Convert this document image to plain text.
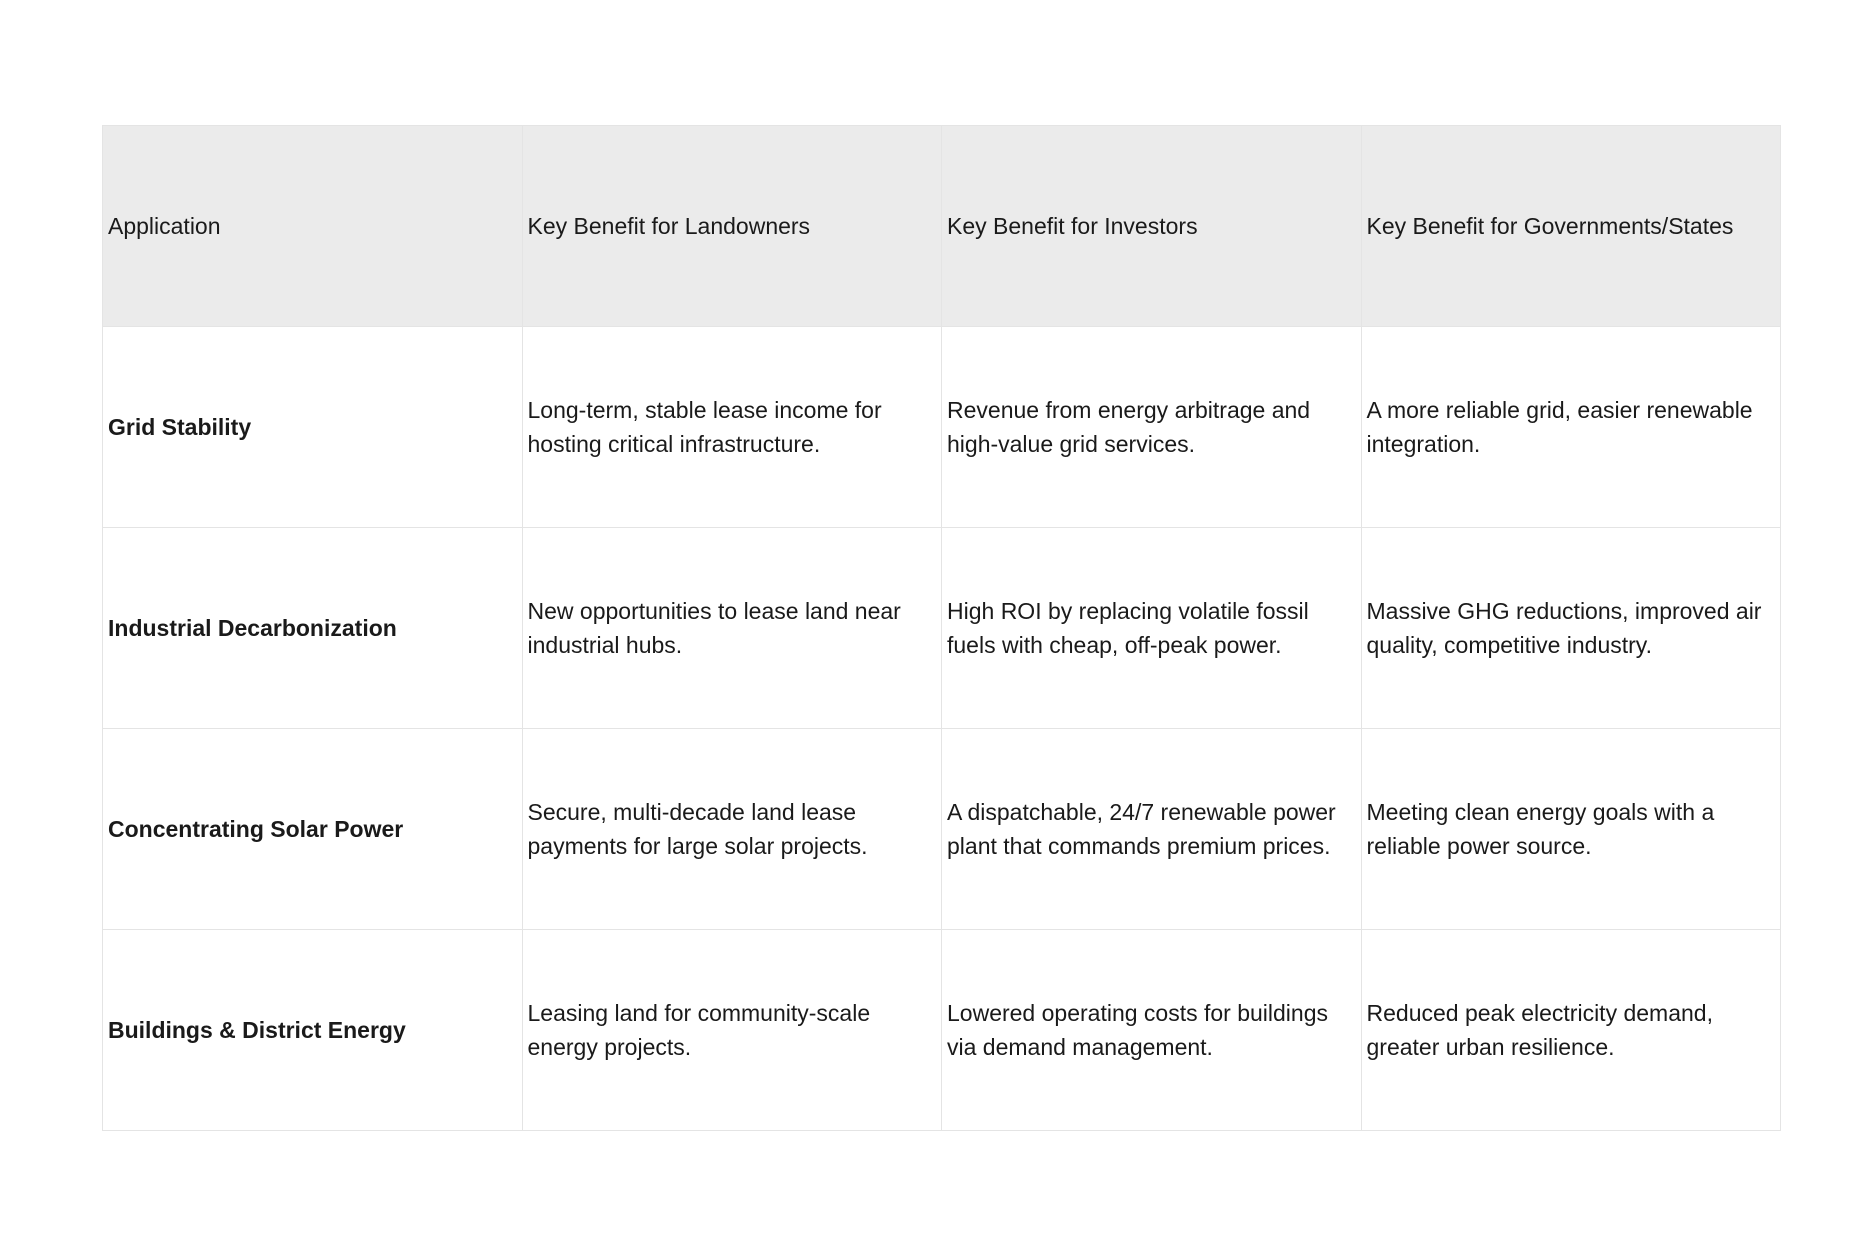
Application	Key Benefit for Landowners	Key Benefit for Investors	Key Benefit for Governments/States
Grid Stability	Long-term, stable lease income for hosting critical infrastructure.	Revenue from energy arbitrage and high-value grid services.	A more reliable grid, easier renewable integration.

Industrial Decarbonization	New opportunities to lease land near industrial hubs.	High ROI by replacing volatile fossil fuels with cheap, off-peak power.	Massive GHG reductions, improved air quality, competitive industry.

Concentrating Solar Power	Secure, multi-decade land lease payments for large solar projects.	A dispatchable, 24/7 renewable power plant that commands premium prices.	Meeting clean energy goals with a reliable power source.

Buildings & District Energy	Leasing land for community-scale energy projects.	Lowered operating costs for buildings via demand management.	Reduced peak electricity demand, greater urban resilience.
